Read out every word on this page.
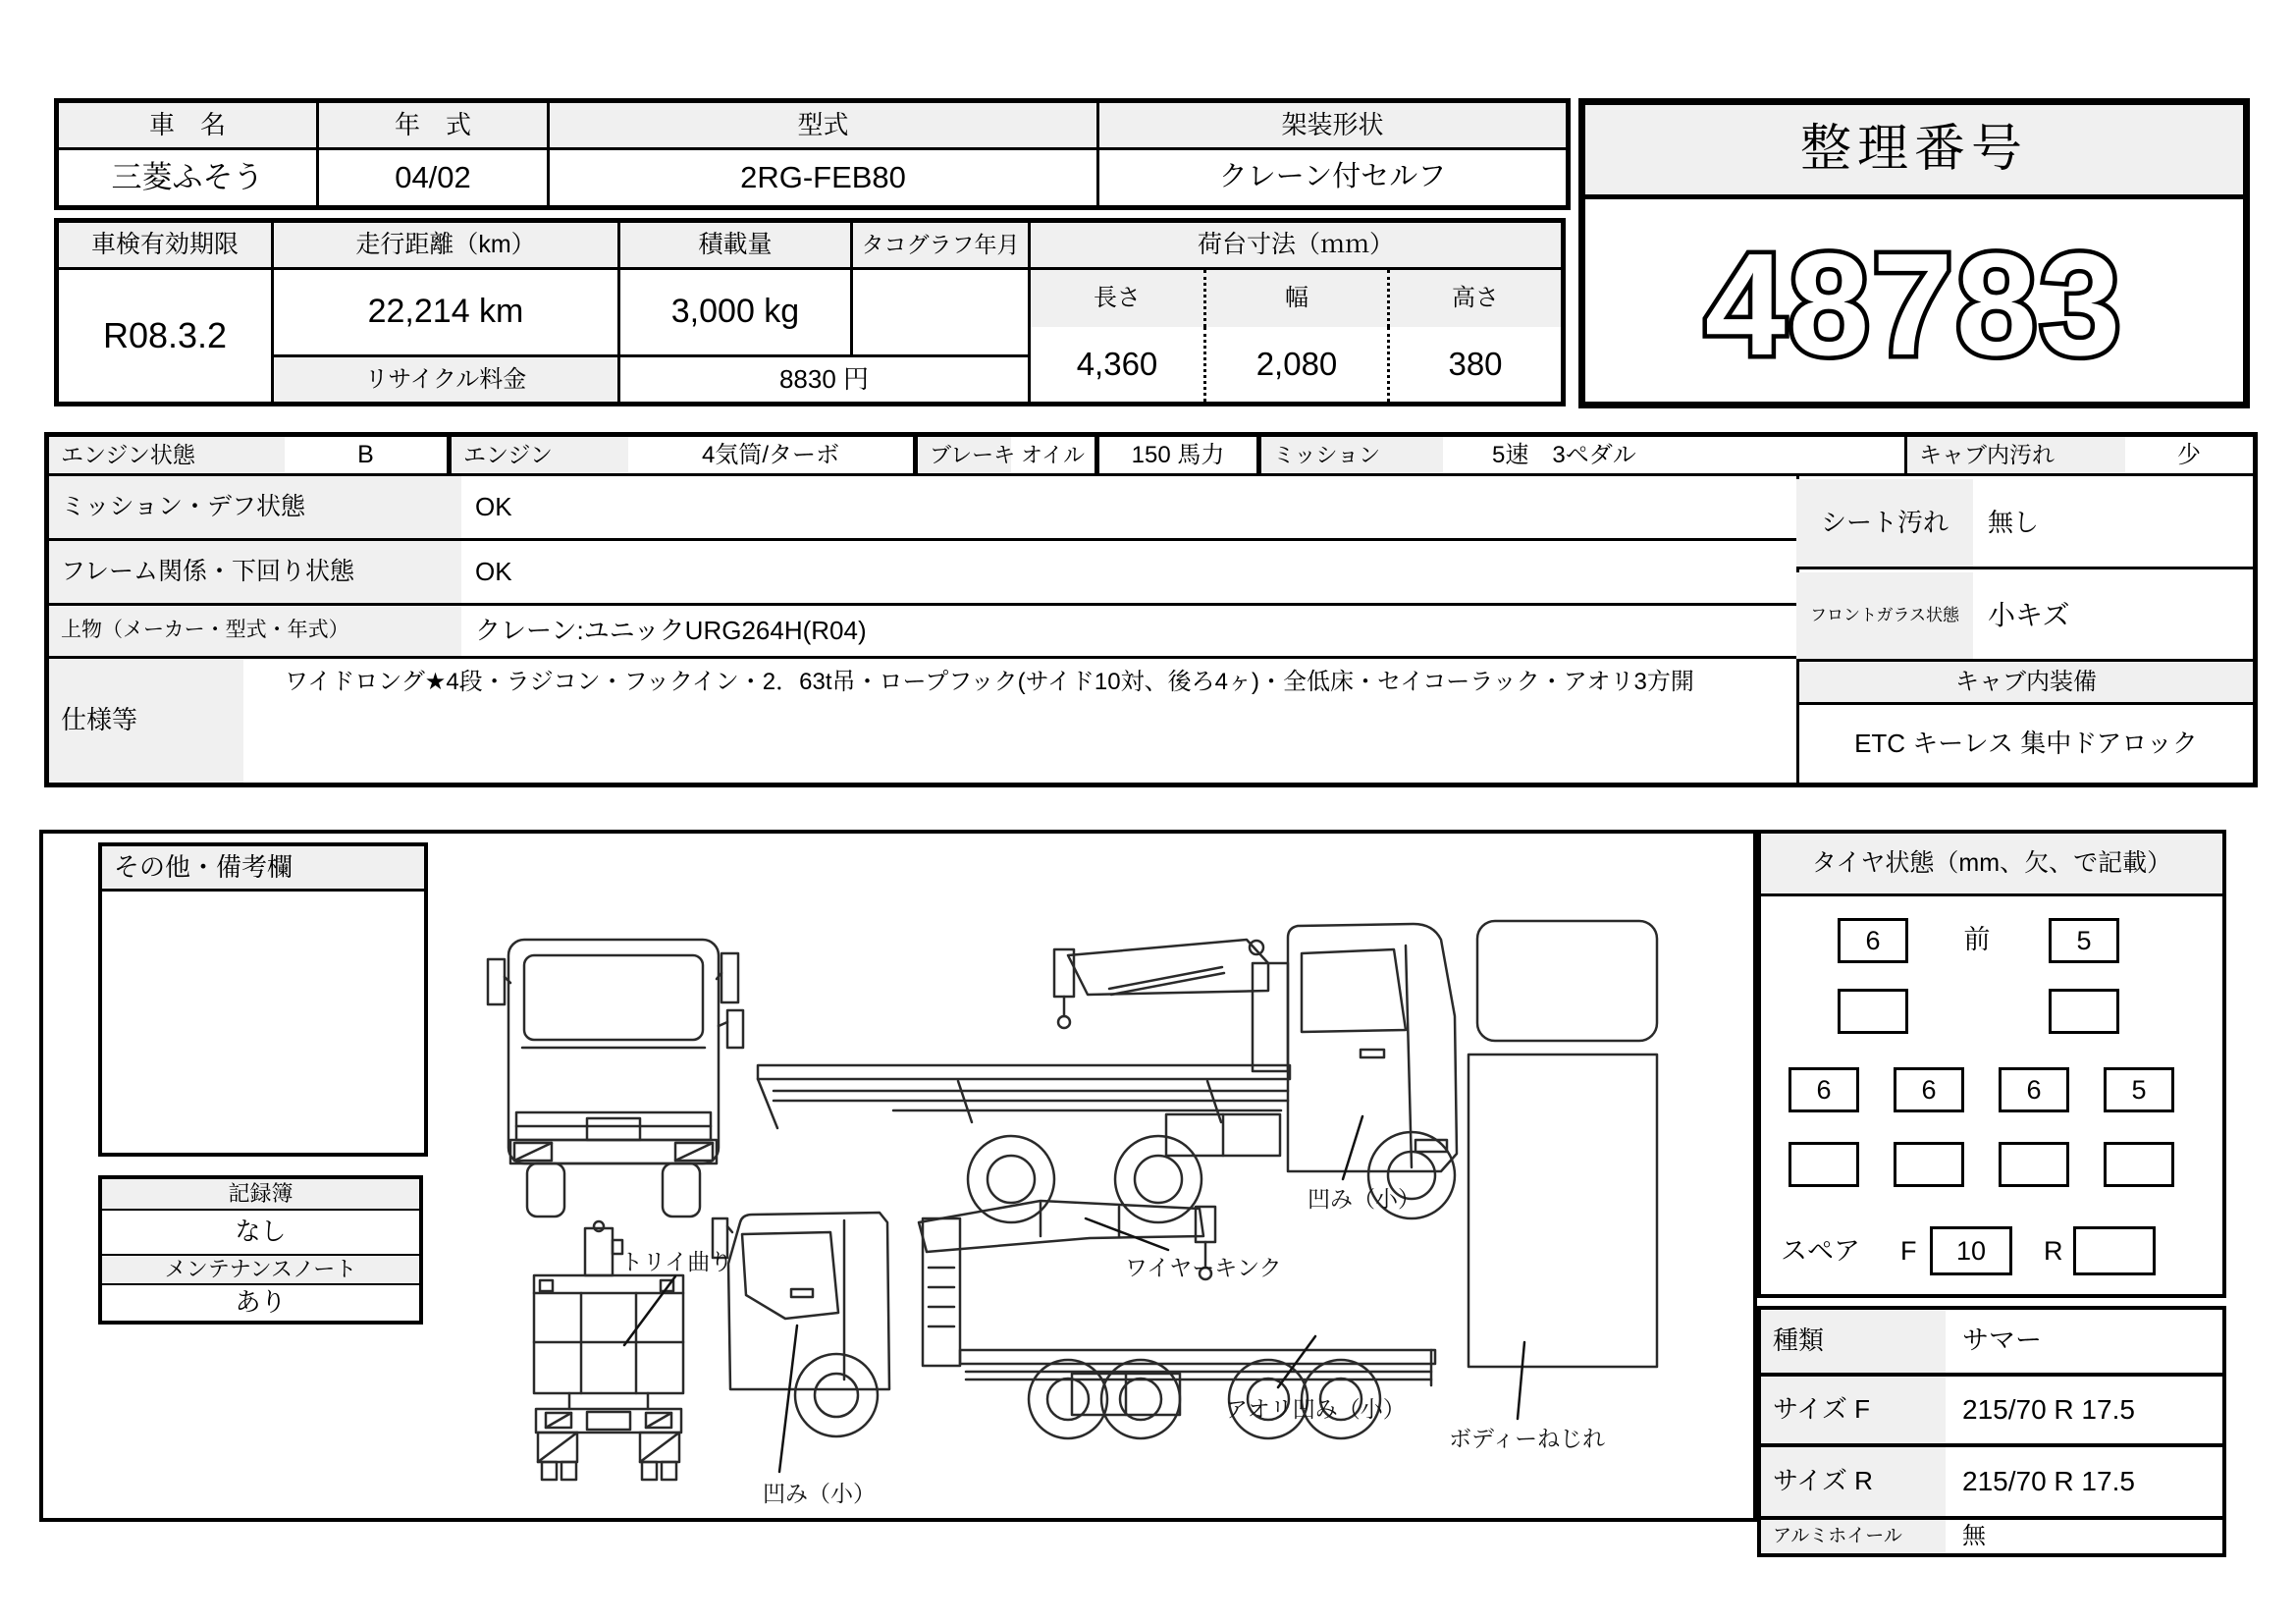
車　名	年　式	型式	架装形状
三菱ふそう	04/02	2RG-FEB80	クレーン付セルフ	整理番号
48783
車検有効期限	走行距離（km）	積載量	タコグラフ年月	荷台寸法（ｍｍ）
R08.3.2
22,214 km	3,000 kg
リサイクル料金	8830 円
長さ	幅	高さ
4,360	2,080	380
エンジン状態	B	エンジン	4気筒/ターボ	ブレーキ オイル	150 馬力	ミッション	5速　3ペダル	キャブ内汚れ	少
ミッション・デフ状態	OK
フレーム関係・下回り状態	OK
上物（メーカー・型式・年式）	クレーン:ユニックURG264H(R04)
仕様等
ワイドロング★4段・ラジコン・フックイン・2．63t吊・ロープフック(サイド10対、後ろ4ヶ)・全低床・セイコーラック・アオリ3方開
シート汚れ	無し
フロントガラス状態	小キズ
キャブ内装備
ETC キーレス 集中ドアロック
その他・備考欄
記録簿
なし
メンテナンスノート
あり
トリイ曲り
凹み（小）
ワイヤーキンク
凹み（小）
アオリ凹み（小）
ボディーねじれ
タイヤ状態（mm、欠、で記載）
6	前	5
6	6	6	5
スペア	F	10	R
種類	サマー
サイズ F	215/70 R 17.5
サイズ R	215/70 R 17.5
アルミホイール	無
